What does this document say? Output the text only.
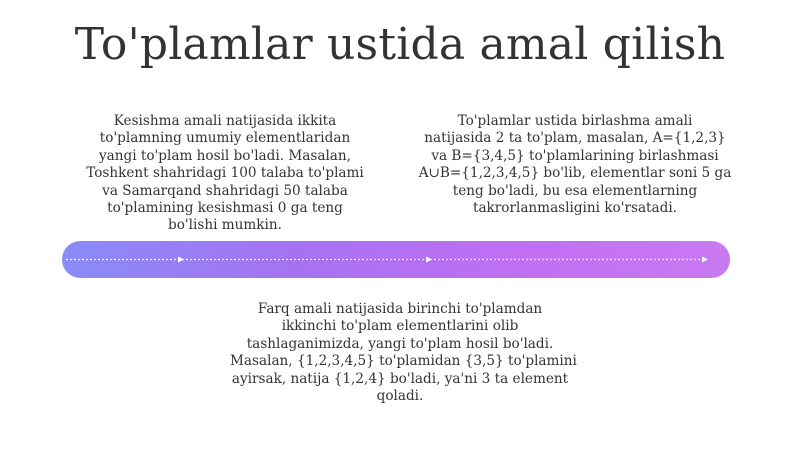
To'plamlar ustida amal qilish
Kesishma amali natijasida ikkita
to'plamning umumiy elementlaridan
yangi to'plam hosil bo'ladi. Masalan,
Toshkent shahridagi 100 talaba to'plami
va Samarqand shahridagi 50 talaba
to'plamining kesishmasi 0 ga teng
bo'lishi mumkin.
To'plamlar ustida birlashma amali
natijasida 2 ta to'plam, masalan, A={1,2,3}
va B={3,4,5} to'plamlarining birlashmasi
A∪B={1,2,3,4,5} bo'lib, elementlar soni 5 ga
teng bo'ladi, bu esa elementlarning
takrorlanmasligini ko'rsatadi.
Farq amali natijasida birinchi to'plamdan
ikkinchi to'plam elementlarini olib
tashlaganimizda, yangi to'plam hosil bo'ladi.
Masalan, {1,2,3,4,5} to'plamidan {3,5} to'plamini
ayirsak, natija {1,2,4} bo'ladi, ya'ni 3 ta element
qoladi.
